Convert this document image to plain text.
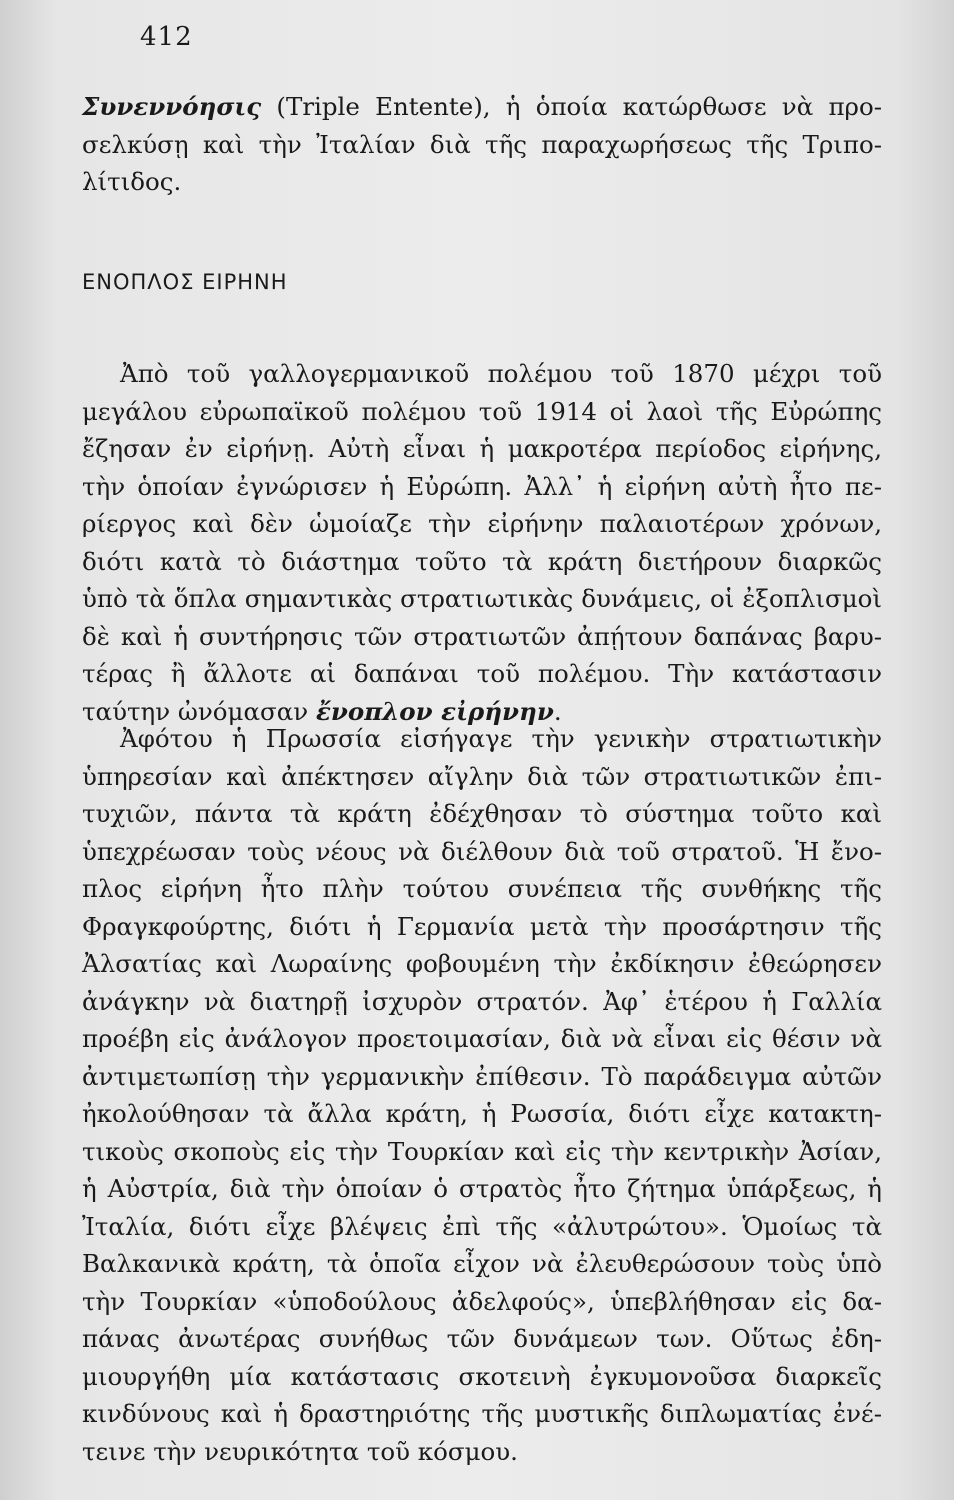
412
Συνεννόησις (Triple Entente), ἡ ὁποία κατώρθωσε νὰ προ-
σελκύσῃ καὶ τὴν Ἰταλίαν διὰ τῆς παραχωρήσεως τῆς Τριπο-
λίτιδος.
ΕΝΟΠΛΟΣ ΕΙΡΗΝΗ
Ἀπὸ τοῦ γαλλογερμανικοῦ πολέμου τοῦ 1870 μέχρι τοῦ
μεγάλου εὐρωπαϊκοῦ πολέμου τοῦ 1914 οἱ λαοὶ τῆς Εὐρώπης
ἔζησαν ἐν εἰρήνῃ. Αὐτὴ εἶναι ἡ μακροτέρα περίοδος εἰρήνης,
τὴν ὁποίαν ἐγνώρισεν ἡ Εὐρώπη. Ἀλλ᾿ ἡ εἰρήνη αὐτὴ ἦτο πε-
ρίεργος καὶ δὲν ὡμοίαζε τὴν εἰρήνην παλαιοτέρων χρόνων,
διότι κατὰ τὸ διάστημα τοῦτο τὰ κράτη διετήρουν διαρκῶς
ὑπὸ τὰ ὅπλα σημαντικὰς στρατιωτικὰς δυνάμεις, οἱ ἐξοπλισμοὶ
δὲ καὶ ἡ συντήρησις τῶν στρατιωτῶν ἀπῄτουν δαπάνας βαρυ-
τέρας ἢ ἄλλοτε αἱ δαπάναι τοῦ πολέμου. Τὴν κατάστασιν
ταύτην ὠνόμασαν ἔνοπλον εἰρήνην.
Ἀφότου ἡ Πρωσσία εἰσήγαγε τὴν γενικὴν στρατιωτικὴν
ὑπηρεσίαν καὶ ἀπέκτησεν αἴγλην διὰ τῶν στρατιωτικῶν ἐπι-
τυχιῶν, πάντα τὰ κράτη ἐδέχθησαν τὸ σύστημα τοῦτο καὶ
ὑπεχρέωσαν τοὺς νέους νὰ διέλθουν διὰ τοῦ στρατοῦ. Ἡ ἔνο-
πλος εἰρήνη ἦτο πλὴν τούτου συνέπεια τῆς συνθήκης τῆς
Φραγκφούρτης, διότι ἡ Γερμανία μετὰ τὴν προσάρτησιν τῆς
Ἀλσατίας καὶ Λωραίνης φοβουμένη τὴν ἐκδίκησιν ἐθεώρησεν
ἀνάγκην νὰ διατηρῇ ἰσχυρὸν στρατόν. Ἀφ᾿ ἑτέρου ἡ Γαλλία
προέβη εἰς ἀνάλογον προετοιμασίαν, διὰ νὰ εἶναι εἰς θέσιν νὰ
ἀντιμετωπίσῃ τὴν γερμανικὴν ἐπίθεσιν. Τὸ παράδειγμα αὐτῶν
ἠκολούθησαν τὰ ἄλλα κράτη, ἡ Ρωσσία, διότι εἶχε κατακτη-
τικοὺς σκοποὺς εἰς τὴν Τουρκίαν καὶ εἰς τὴν κεντρικὴν Ἀσίαν,
ἡ Αὐστρία, διὰ τὴν ὁποίαν ὁ στρατὸς ἦτο ζήτημα ὑπάρξεως, ἡ
Ἰταλία, διότι εἶχε βλέψεις ἐπὶ τῆς «ἀλυτρώτου». Ὁμοίως τὰ
Βαλκανικὰ κράτη, τὰ ὁποῖα εἶχον νὰ ἐλευθερώσουν τοὺς ὑπὸ
τὴν Τουρκίαν «ὑποδούλους ἀδελφούς», ὑπεβλήθησαν εἰς δα-
πάνας ἀνωτέρας συνήθως τῶν δυνάμεων των. Οὕτως ἐδη-
μιουργήθη μία κατάστασις σκοτεινὴ ἐγκυμονοῦσα διαρκεῖς
κινδύνους καὶ ἡ δραστηριότης τῆς μυστικῆς διπλωματίας ἐνέ-
τεινε τὴν νευρικότητα τοῦ κόσμου.
